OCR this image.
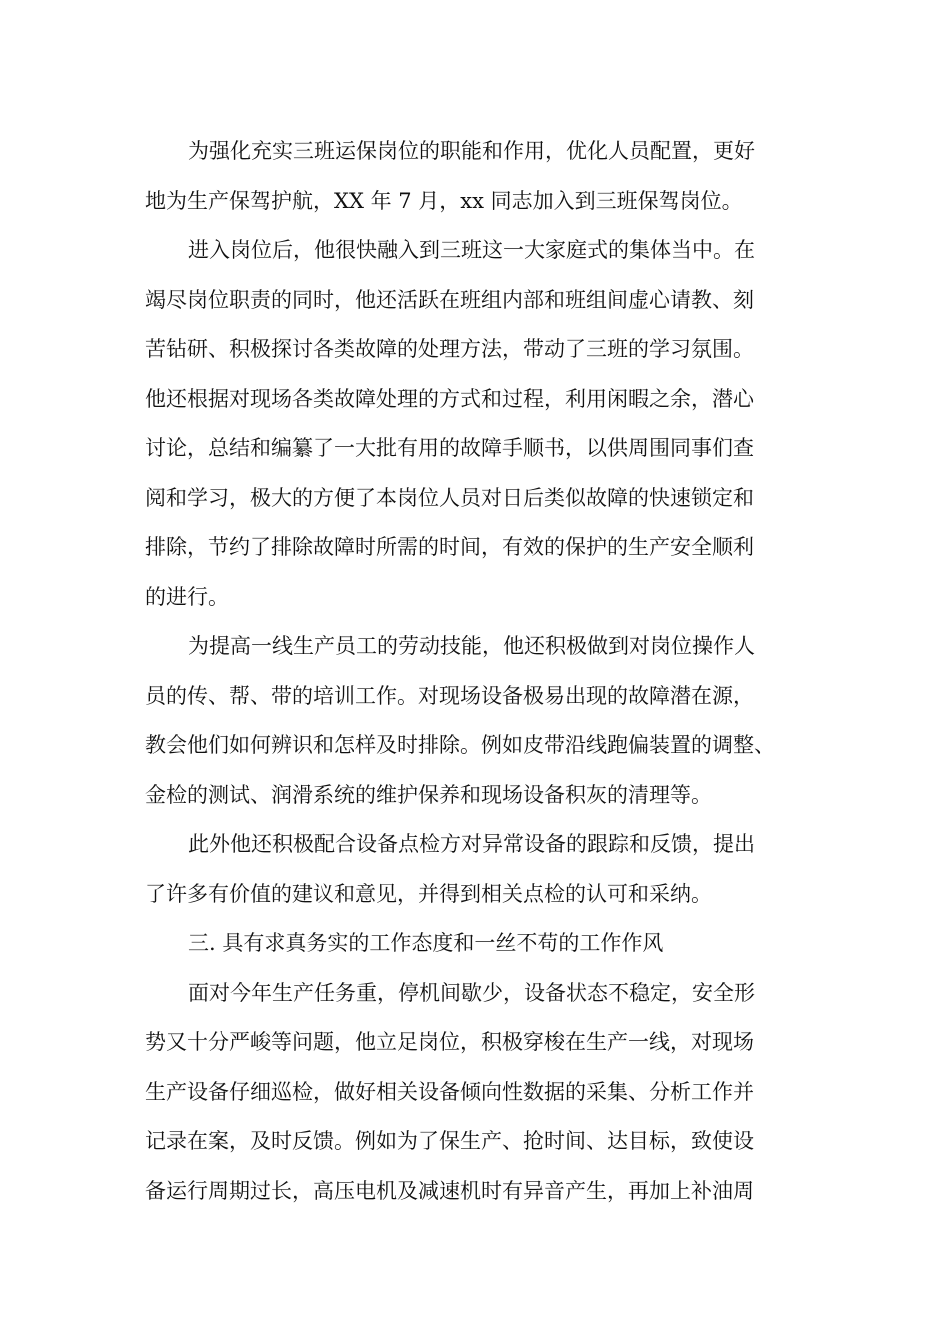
为强化充实三班运保岗位的职能和作用，优化人员配置，更好
地为生产保驾护航，XX 年 7 月，xx 同志加入到三班保驾岗位。
进入岗位后，他很快融入到三班这一大家庭式的集体当中。在
竭尽岗位职责的同时，他还活跃在班组内部和班组间虚心请教、刻
苦钻研、积极探讨各类故障的处理方法，带动了三班的学习氛围。
他还根据对现场各类故障处理的方式和过程，利用闲暇之余，潜心
讨论，总结和编纂了一大批有用的故障手顺书，以供周围同事们查
阅和学习，极大的方便了本岗位人员对日后类似故障的快速锁定和
排除，节约了排除故障时所需的时间，有效的保护的生产安全顺利
的进行。
为提高一线生产员工的劳动技能，他还积极做到对岗位操作人
员的传、帮、带的培训工作。对现场设备极易出现的故障潜在源，
教会他们如何辨识和怎样及时排除。例如皮带沿线跑偏装置的调整、
金检的测试、润滑系统的维护保养和现场设备积灰的清理等。
此外他还积极配合设备点检方对异常设备的跟踪和反馈，提出
了许多有价值的建议和意见，并得到相关点检的认可和采纳。
三. 具有求真务实的工作态度和一丝不苟的工作作风
面对今年生产任务重，停机间歇少，设备状态不稳定，安全形
势又十分严峻等问题，他立足岗位，积极穿梭在生产一线，对现场
生产设备仔细巡检，做好相关设备倾向性数据的采集、分析工作并
记录在案，及时反馈。例如为了保生产、抢时间、达目标，致使设
备运行周期过长，高压电机及减速机时有异音产生，再加上补油周
